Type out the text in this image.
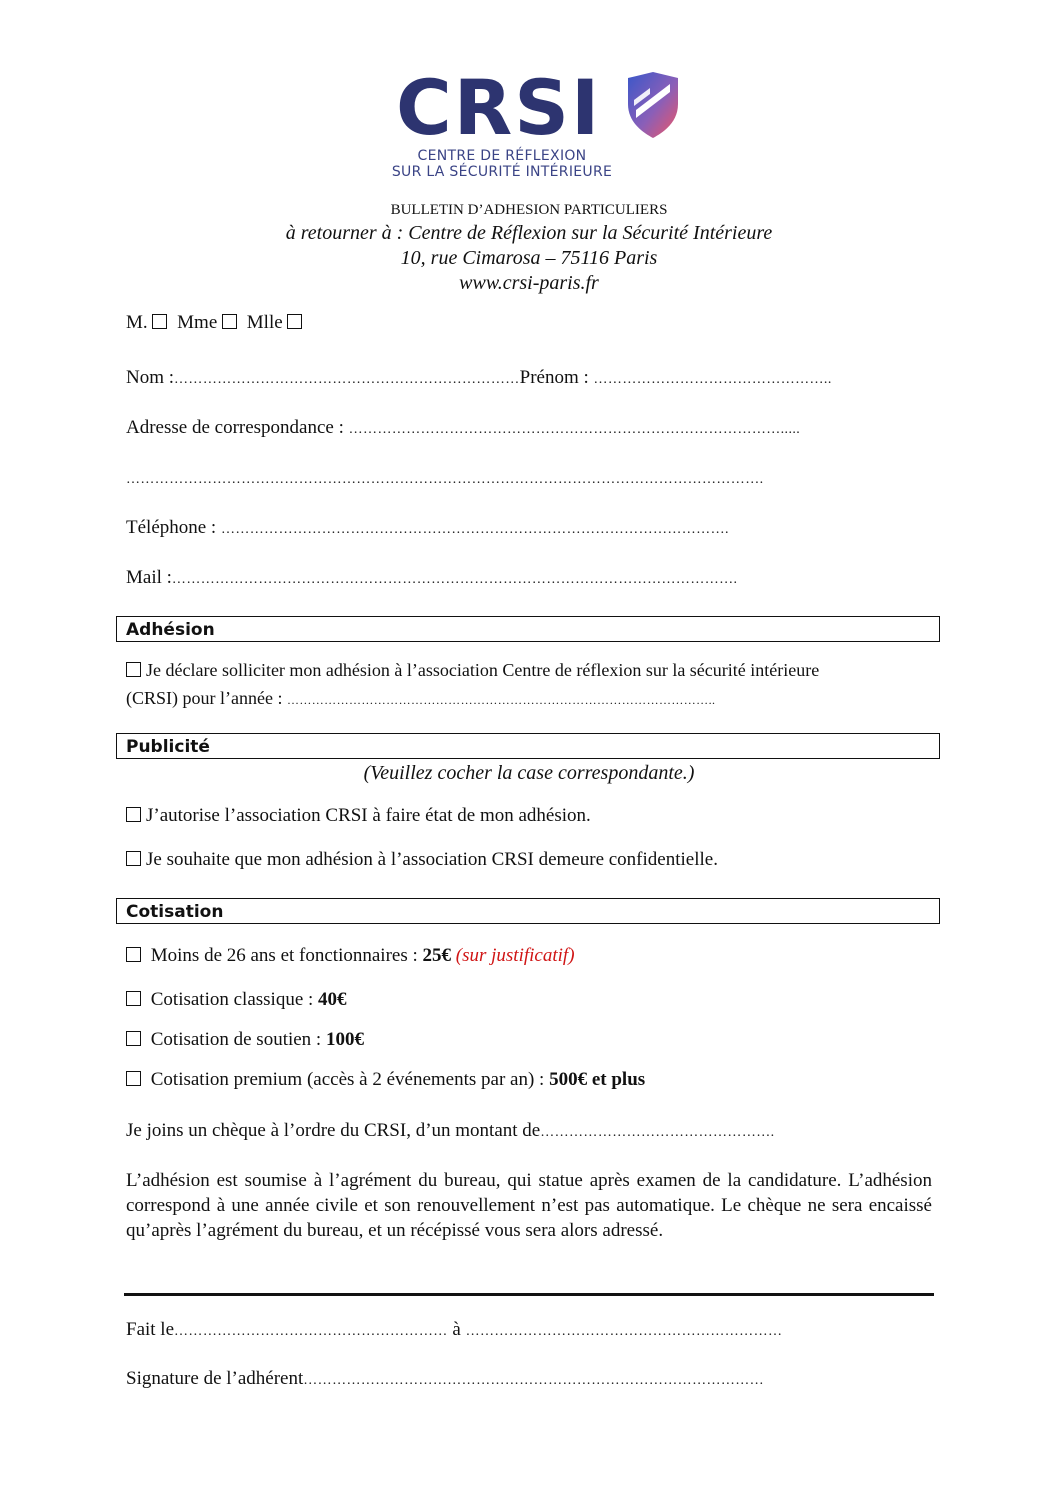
CRSI
CENTRE DE RÉFLEXION
SUR LA SÉCURITÉ INTÉRIEURE
BULLETIN D’ADHESION PARTICULIERS
à retourner à : Centre de Réflexion sur la Sécurité Intérieure
10, rue Cimarosa – 75116 Paris
www.crsi-paris.fr
M. Mme Mlle
Nom :………………………………………………………………Prénom : …………………………………………..
Adresse de correspondance : ……………………………………………………………………………….....
…………………………………………………………………………………………………………………….
Téléphone : …………………………………………………………………………………………….
Mail :……………………………………………………………………………………………………….
Adhésion
Je déclare solliciter mon adhésion à l’association Centre de réflexion sur la sécurité intérieure
(CRSI) pour l’année : …………………………………………………………………………………………..
Publicité
(Veuillez cocher la case correspondante.)
J’autorise l’association CRSI à faire état de mon adhésion.
Je souhaite que mon adhésion à l’association CRSI demeure confidentielle.
Cotisation
Moins de 26 ans et fonctionnaires : 25€ (sur justificatif)
Cotisation classique : 40€
Cotisation de soutien : 100€
Cotisation premium (accès à 2 événements par an) : 500€ et plus
Je joins un chèque à l’ordre du CRSI, d’un montant de………………………………………….
L’adhésion est soumise à l’agrément du bureau, qui statue après examen de la candidature. L’adhésion correspond à une année civile et son renouvellement n’est pas automatique. Le chèque ne sera encaissé qu’après l’agrément du bureau, et un récépissé vous sera alors adressé.
Fait le………………………………………………… à …………………………………………………………
Signature de l’adhérent……………………………………………………………………………………
